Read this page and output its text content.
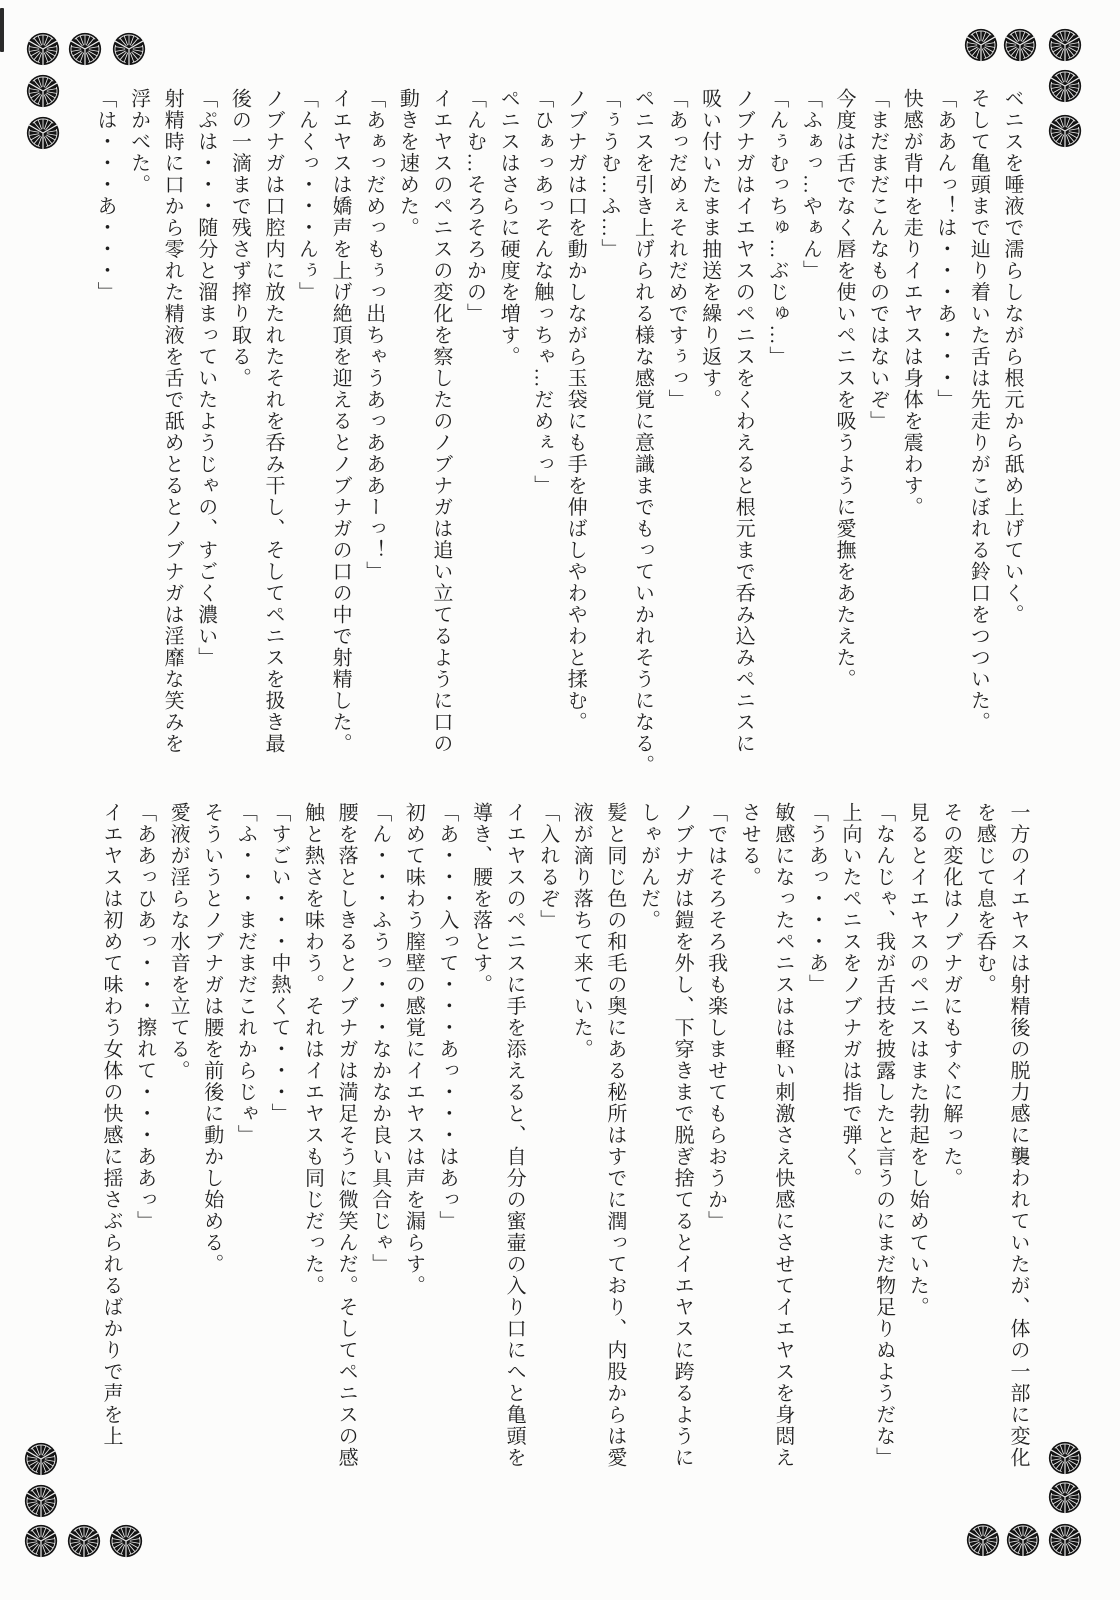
ベニスを唾液で濡らしながら根元から舐め上げていく。
そして亀頭まで辿り着いた舌は先走りがこぼれる鈴口をつついた。
「ああんっ！は・・・あ・・・」
快感が背中を走りイエヤスは身体を震わす。
「まだまだこんなものではないぞ」
今度は舌でなく唇を使いペニスを吸うように愛撫をあたえた。
「ふぁっ…やぁん」
「んぅむっちゅ…ぶじゅ…」
ノブナガはイエヤスのペニスをくわえると根元まで呑み込みペニスに
吸い付いたまま抽送を繰り返す。
「あっだめぇそれだめですぅっ」
ペニスを引き上げられる様な感覚に意識までもっていかれそうになる。
「ぅうむ…ふ…」
ノブナガは口を動かしながら玉袋にも手を伸ばしやわやわと揉む。
「ひぁっあっそんな触っちゃ…だめぇっ」
ペニスはさらに硬度を増す。
「んむ…そろそろかの」
イエヤスのペニスの変化を察したのノブナガは追い立てるように口の
動きを速めた。
「あぁっだめっもぅっ出ちゃうあっあああーっ！」
イエヤスは嬌声を上げ絶頂を迎えるとノブナガの口の中で射精した。
「んくっ・・・んぅ」
ノブナガは口腔内に放たれたそれを呑み干し、そしてペニスを扱き最
後の一滴まで残さず搾り取る。
「ぷは・・・随分と溜まっていたようじゃの、すごく濃い」
射精時に口から零れた精液を舌で舐めとるとノブナガは淫靡な笑みを
浮かべた。
「は・・・あ・・・」
一方のイエヤスは射精後の脱力感に襲われていたが、体の一部に変化
を感じて息を呑む。
その変化はノブナガにもすぐに解った。
見るとイエヤスのペニスはまた勃起をし始めていた。
「なんじゃ、我が舌技を披露したと言うのにまだ物足りぬようだな」
上向いたペニスをノブナガは指で弾く。
「うあっ・・・あ」
敏感になったペニスはは軽い刺激さえ快感にさせてイエヤスを身悶え
させる。
「ではそろそろ我も楽しませてもらおうか」
ノブナガは鎧を外し、下穿きまで脱ぎ捨てるとイエヤスに跨るように
しゃがんだ。
髪と同じ色の和毛の奥にある秘所はすでに潤っており、内股からは愛
液が滴り落ちて来ていた。
「入れるぞ」
イエヤスのペニスに手を添えると、自分の蜜壷の入り口にへと亀頭を
導き、腰を落とす。
「あ・・・入って・・・あっ・・・はあっ」
初めて味わう膣壁の感覚にイエヤスは声を漏らす。
「ん・・・ふうっ・・・なかなか良い具合じゃ」
腰を落としきるとノブナガは満足そうに微笑んだ。そしてペニスの感
触と熱さを味わう。それはイエヤスも同じだった。
「すごい・・・中熱くて・・・」
「ふ・・・まだまだこれからじゃ」
そういうとノブナガは腰を前後に動かし始める。
愛液が淫らな水音を立てる。
「ああっひあっ・・・擦れて・・・ああっ」
イエヤスは初めて味わう女体の快感に揺さぶられるばかりで声を上
